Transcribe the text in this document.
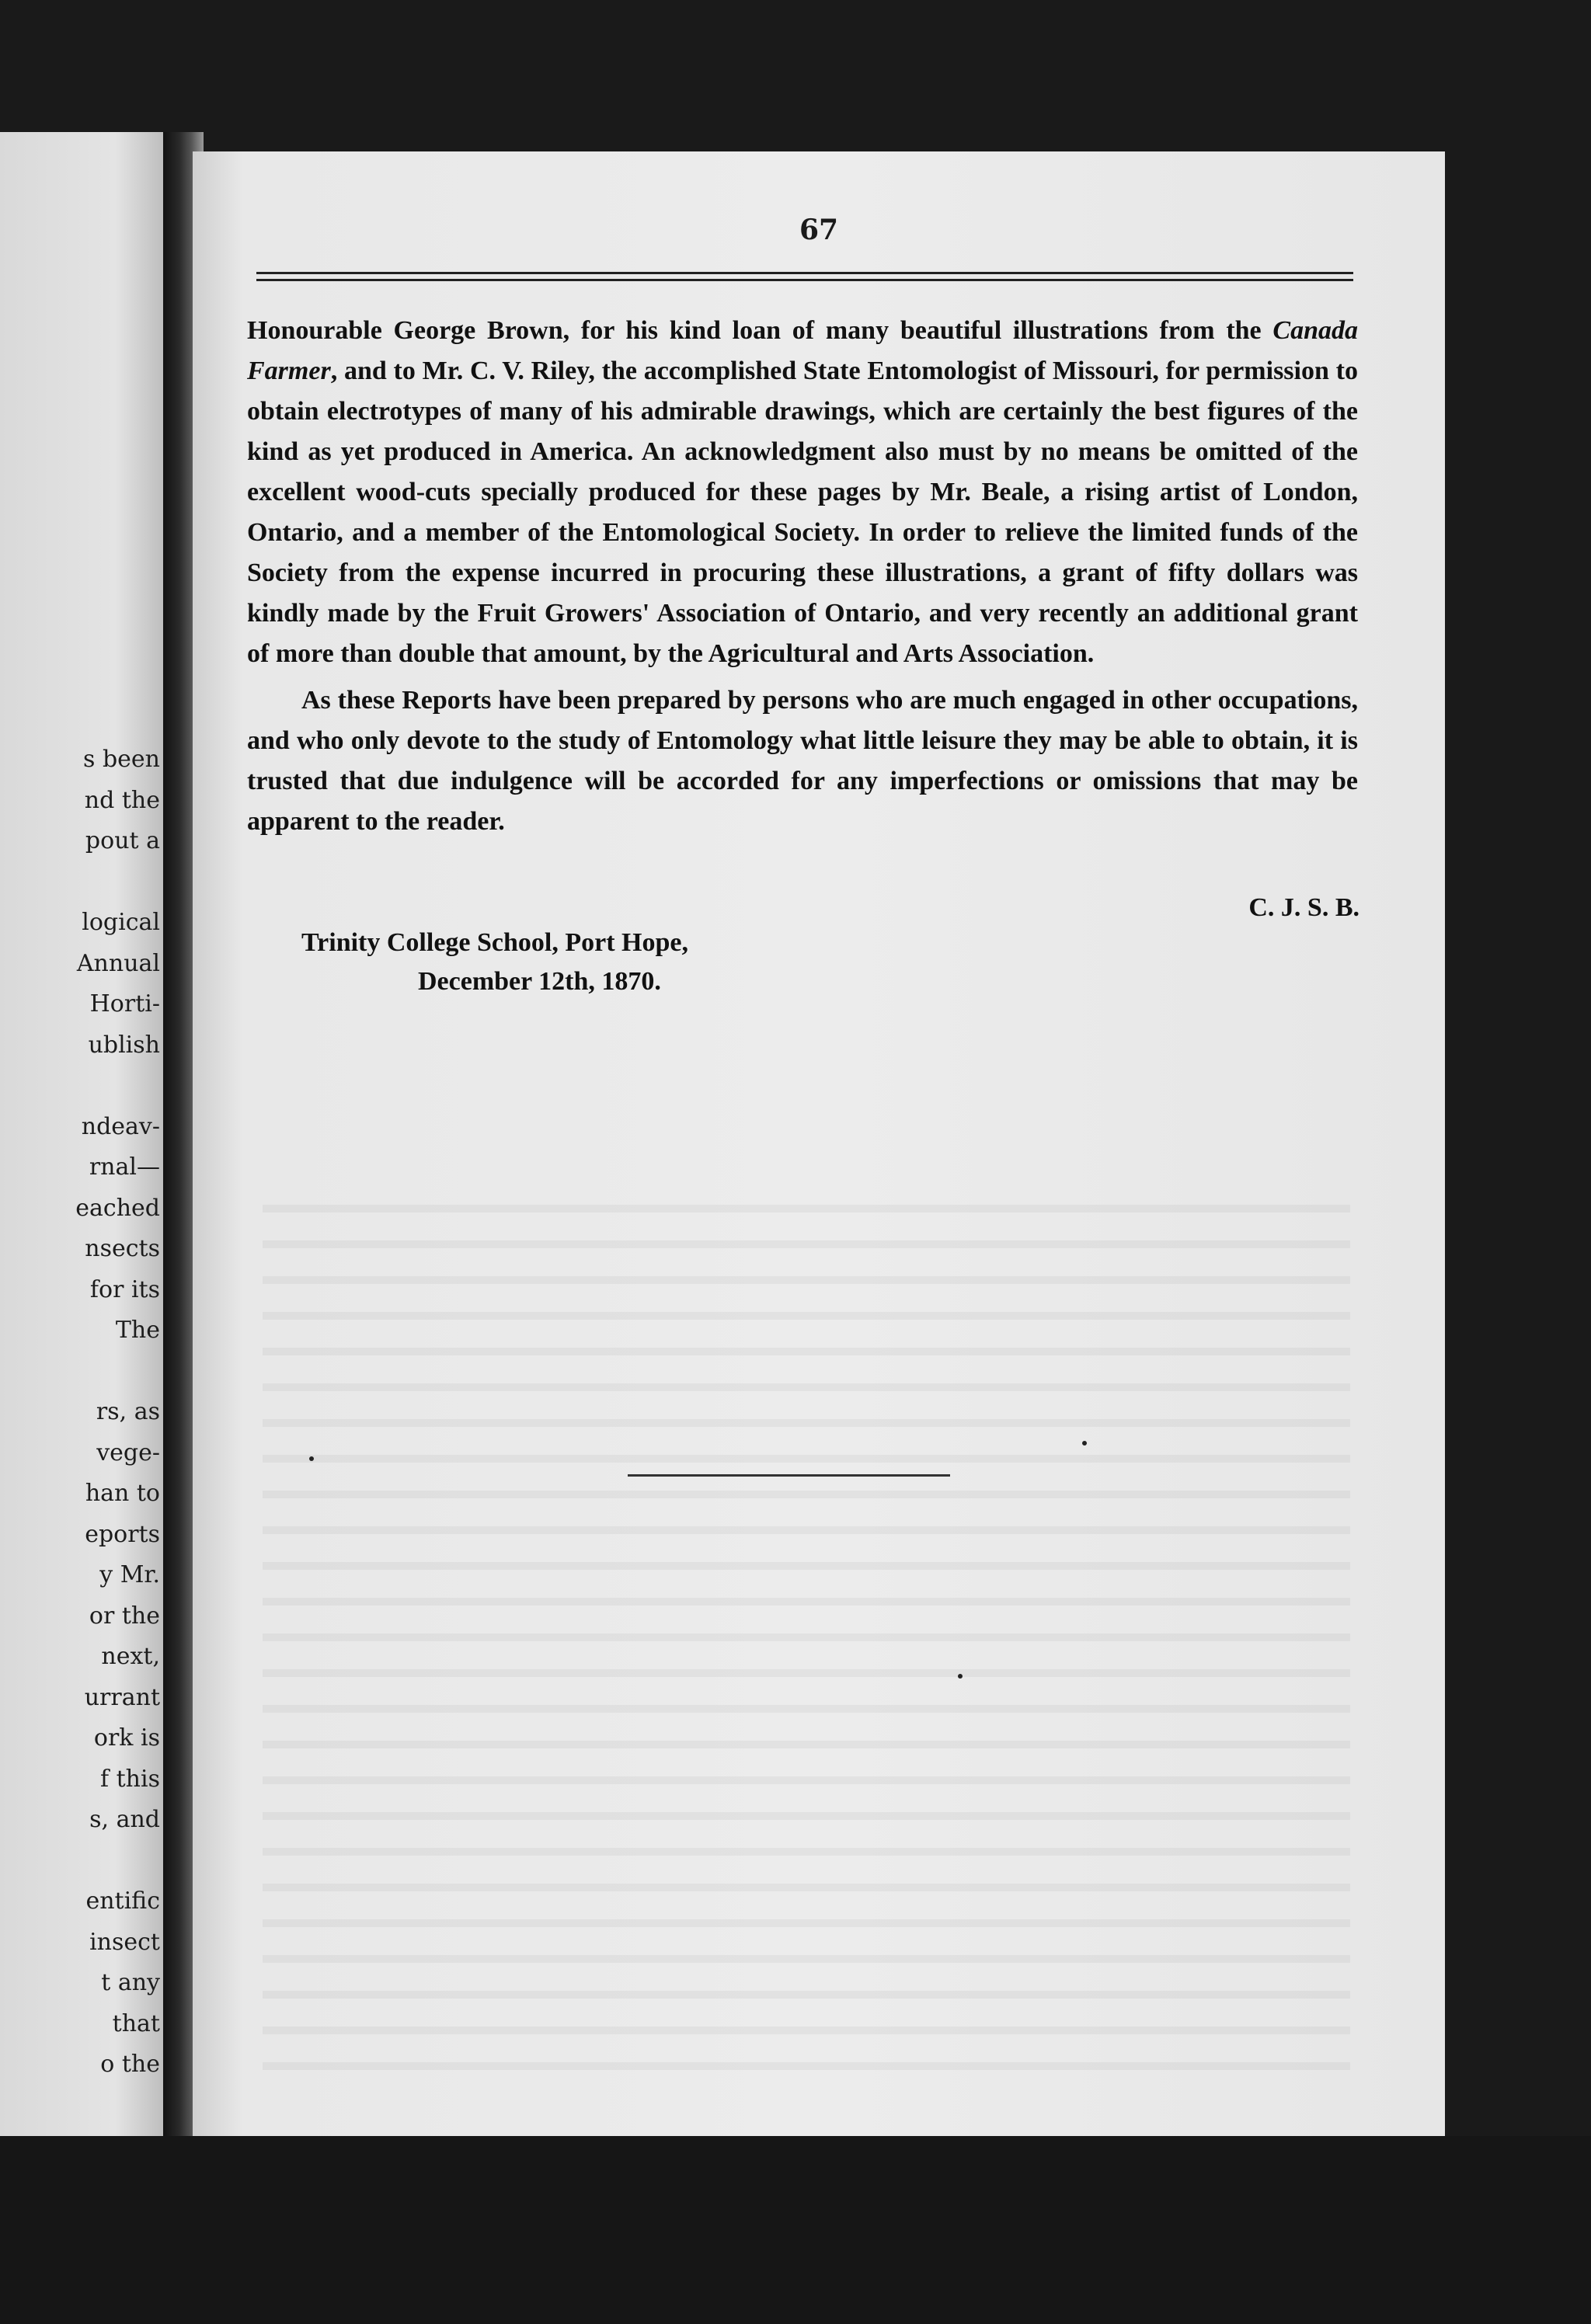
s been
nd the
pout a
logical
Annual
Horti-
ublish
ndeav-
rnal—
eached
nsects
for its
The
rs, as
vege-
han to
eports
y Mr.
or the
next,
urrant
ork is
f this
s, and
entific
insect
t any
that
o the
67

Honourable George Brown, for his kind loan of many beautiful illustrations from the Canada Farmer, and to Mr. C. V. Riley, the accomplished State Entomologist of Missouri, for permission to obtain electrotypes of many of his admirable drawings, which are certainly the best figures of the kind as yet produced in America. An acknowledgment also must by no means be omitted of the excellent wood-cuts specially produced for these pages by Mr. Beale, a rising artist of London, Ontario, and a member of the Entomological Society. In order to relieve the limited funds of the Society from the expense incurred in procuring these illustrations, a grant of fifty dollars was kindly made by the Fruit Growers' Association of Ontario, and very recently an additional grant of more than double that amount, by the Agricultural and Arts Association.

As these Reports have been prepared by persons who are much engaged in other occupations, and who only devote to the study of Entomology what little leisure they may be able to obtain, it is trusted that due indulgence will be accorded for any imperfections or omissions that may be apparent to the reader.

C. J. S. B.
Trinity College School, Port Hope,
December 12th, 1870.
